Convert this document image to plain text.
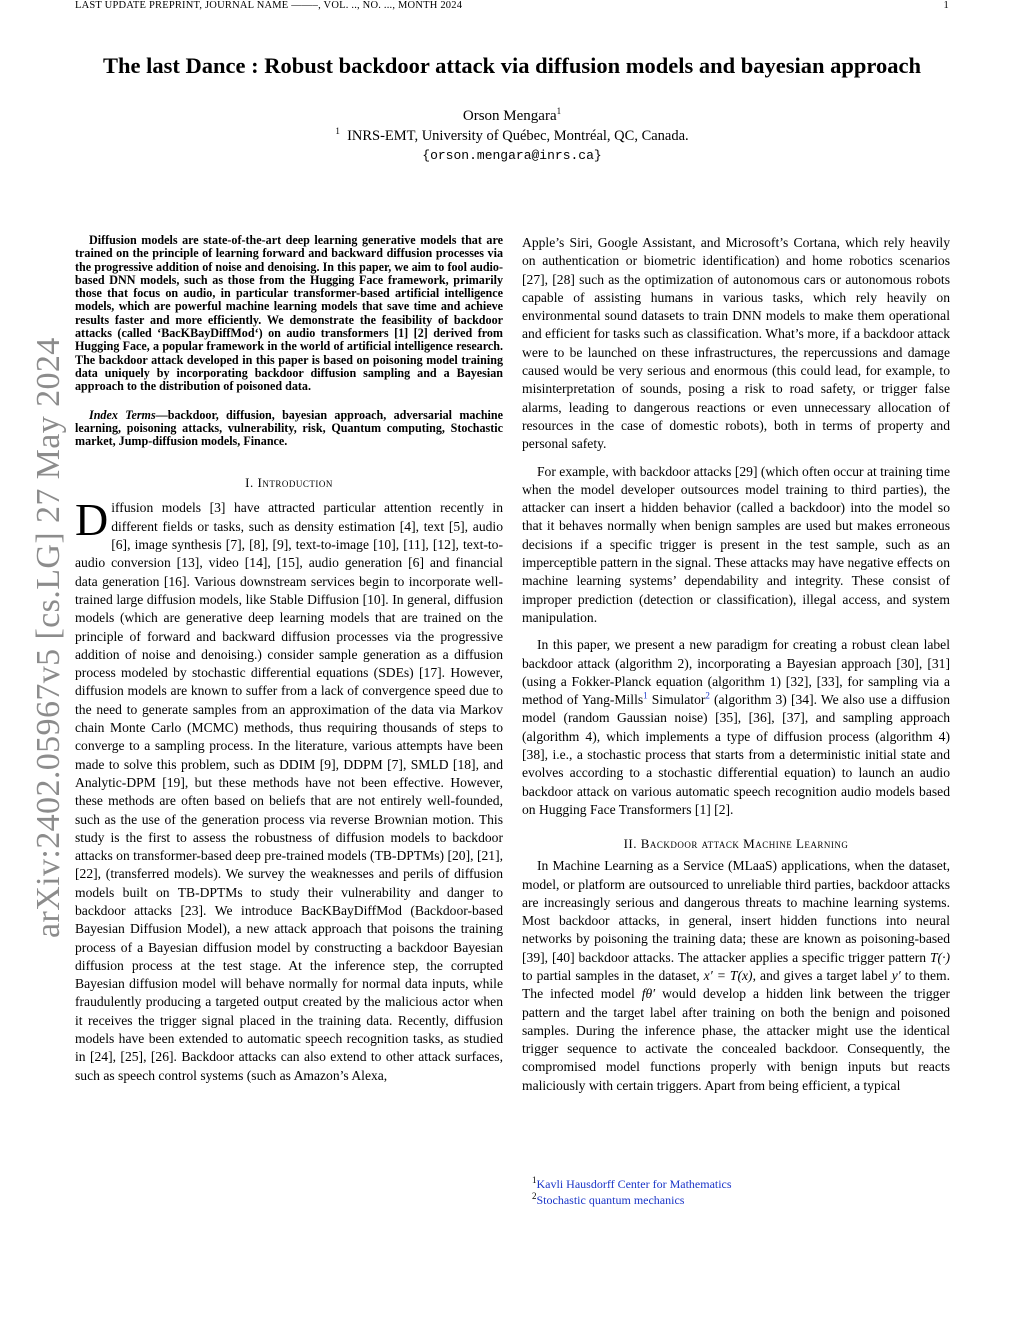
LAST UPDATE PREPRINT, JOURNAL NAME ——–, VOL. .., NO. ..., MONTH 2024	1
arXiv:2402.05967v5 [cs.LG] 27 May 2024
The last Dance : Robust backdoor attack via diffusion models and bayesian approach
Orson Mengara$^1$
$^1$ INRS-EMT, University of Québec, Montréal, QC, Canada.
{orson.mengara@inrs.ca}

Diffusion models are state-of-the-art deep learning generative models that are trained on the principle of learning forward and backward diffusion processes via the progressive addition of noise and denoising. In this paper, we aim to fool audio-based DNN models, such as those from the Hugging Face framework, primarily those that focus on audio, in particular transformer-based artificial intelligence models, which are powerful machine learning models that save time and achieve results faster and more efficiently. We demonstrate the feasibility of backdoor attacks (called ‘BacKBayDiffMod‘) on audio transformers [1] [2] derived from Hugging Face, a popular framework in the world of artificial intelligence research. The backdoor attack developed in this paper is based on poisoning model training data uniquely by incorporating backdoor diffusion sampling and a Bayesian approach to the distribution of poisoned data.

Index Terms—backdoor, diffusion, bayesian approach, adversarial machine learning, poisoning attacks, vulnerability, risk, Quantum computing, Stochastic market, Jump-diffusion models, Finance.

I. Introduction

Diffusion models [3] have attracted particular attention recently in different fields or tasks, such as density estimation [4], text [5], audio [6], image synthesis [7], [8], [9], text-to-image [10], [11], [12], text-to-audio conversion [13], video [14], [15], audio generation [6] and financial data generation [16]. Various downstream services begin to incorporate well-trained large diffusion models, like Stable Diffusion [10]. In general, diffusion models (which are generative deep learning models that are trained on the principle of forward and backward diffusion processes via the progressive addition of noise and denoising.) consider sample generation as a diffusion process modeled by stochastic differential equations (SDEs) [17]. However, diffusion models are known to suffer from a lack of convergence speed due to the need to generate samples from an approximation of the data via Markov chain Monte Carlo (MCMC) methods, thus requiring thousands of steps to converge to a sampling process. In the literature, various attempts have been made to solve this problem, such as DDIM [9], DDPM [7], SMLD [18], and Analytic-DPM [19], but these methods have not been effective. However, these methods are often based on beliefs that are not entirely well-founded, such as the use of the generation process via reverse Brownian motion. This study is the first to assess the robustness of diffusion models to backdoor attacks on transformer-based deep pre-trained models (TB-DPTMs) [20], [21], [22], (transferred models). We survey the weaknesses and perils of diffusion models built on TB-DPTMs to study their vulnerability and danger to backdoor attacks [23]. We introduce BacKBayDiffMod (Backdoor-based Bayesian Diffusion Model), a new attack approach that poisons the training process of a Bayesian diffusion model by constructing a backdoor Bayesian diffusion process at the test stage. At the inference step, the corrupted Bayesian diffusion model will behave normally for normal data inputs, while fraudulently producing a targeted output created by the malicious actor when it receives the trigger signal placed in the training data. Recently, diffusion models have been extended to automatic speech recognition tasks, as studied in [24], [25], [26]. Backdoor attacks can also extend to other attack surfaces, such as speech control systems (such as Amazon’s Alexa,

Apple’s Siri, Google Assistant, and Microsoft’s Cortana, which rely heavily on authentication or biometric identification) and home robotics scenarios [27], [28] such as the optimization of autonomous cars or autonomous robots capable of assisting humans in various tasks, which rely heavily on environmental sound datasets to train DNN models to make them operational and efficient for tasks such as classification. What’s more, if a backdoor attack were to be launched on these infrastructures, the repercussions and damage caused would be very serious and enormous (this could lead, for example, to misinterpretation of sounds, posing a risk to road safety, or trigger false alarms, leading to dangerous reactions or even unnecessary allocation of resources in the case of domestic robots), both in terms of property and personal safety.

For example, with backdoor attacks [29] (which often occur at training time when the model developer outsources model training to third parties), the attacker can insert a hidden behavior (called a backdoor) into the model so that it behaves normally when benign samples are used but makes erroneous decisions if a specific trigger is present in the test sample, such as an imperceptible pattern in the signal. These attacks may have negative effects on machine learning systems’ dependability and integrity. These consist of improper prediction (detection or classification), illegal access, and system manipulation.

In this paper, we present a new paradigm for creating a robust clean label backdoor attack (algorithm 2), incorporating a Bayesian approach [30], [31] (using a Fokker-Planck equation (algorithm 1) [32], [33], for sampling via a method of Yang-Mills$^1$ Simulator$^2$ (algorithm 3) [34]. We also use a diffusion model (random Gaussian noise) [35], [36], [37], and sampling approach (algorithm 4), which implements a type of diffusion process (algorithm 4) [38], i.e., a stochastic process that starts from a deterministic initial state and evolves according to a stochastic differential equation) to launch an audio backdoor attack on various automatic speech recognition audio models based on Hugging Face Transformers [1] [2].

II. Backdoor attack Machine Learning

In Machine Learning as a Service (MLaaS) applications, when the dataset, model, or platform are outsourced to unreliable third parties, backdoor attacks are increasingly serious and dangerous threats to machine learning systems. Most backdoor attacks, in general, insert hidden functions into neural networks by poisoning the training data; these are known as poisoning-based [39], [40] backdoor attacks. The attacker applies a specific trigger pattern T(·) to partial samples in the dataset, x′ = T(x), and gives a target label y′ to them. The infected model fθ′ would develop a hidden link between the trigger pattern and the target label after training on both the benign and poisoned samples. During the inference phase, the attacker might use the identical trigger sequence to activate the concealed backdoor. Consequently, the compromised model functions properly with benign inputs but reacts maliciously with certain triggers. Apart from being efficient, a typical

$^1$Kavli Hausdorff Center for Mathematics
$^2$Stochastic quantum mechanics
